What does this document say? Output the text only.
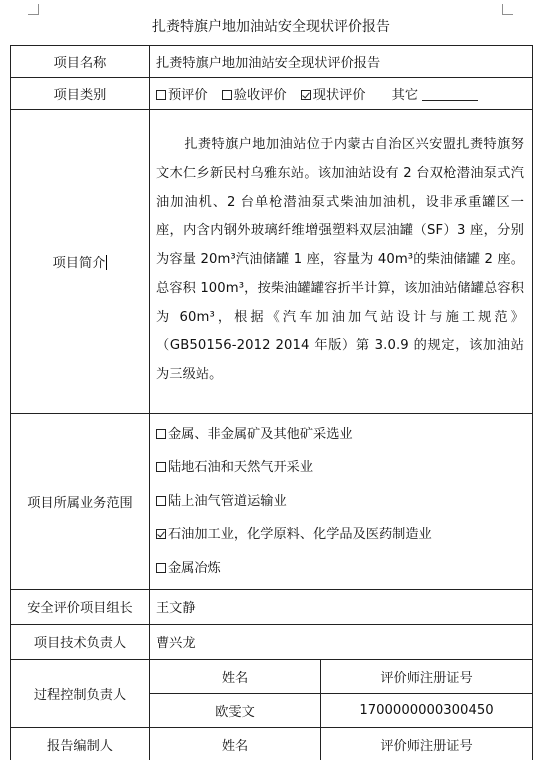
扎赉特旗户地加油站安全现状评价报告
项目名称	扎赉特旗户地加油站安全现状评价报告	
项目类别	预评价 验收评价 现状评价 其它	
项目简介	扎赉特旗户地加油站位于内蒙古自治区兴安盟扎赉特旗努文木仁乡新民村乌雅东站。该加油站设有 2 台双枪潜油泵式汽油加油机、2 台单枪潜油泵式柴油加油机，设非承重罐区一座，内含内钢外玻璃纤维增强塑料双层油罐（SF）3 座，分别为容量 20m³汽油储罐 1 座，容量为 40m³的柴油储罐 2 座。总容积 100m³，按柴油罐罐容折半计算，该加油站储罐总容积为 60m³，根据《汽车加油加气站设计与施工规范》（GB50156-2012 2014 年版）第 3.0.9 的规定，该加油站为三级站。	
项目所属业务范围	金属、非金属矿及其他矿采选业
陆地石油和天然气开采业
陆上油气管道运输业
石油加工业，化学原料、化学品及医药制造业
金属冶炼	

安全评价项目组长	王文静	
项目技术负责人	曹兴龙	
过程控制负责人	姓名	评价师注册证号
	欧雯文	1700000000300450
报告编制人	姓名	评价师注册证号
